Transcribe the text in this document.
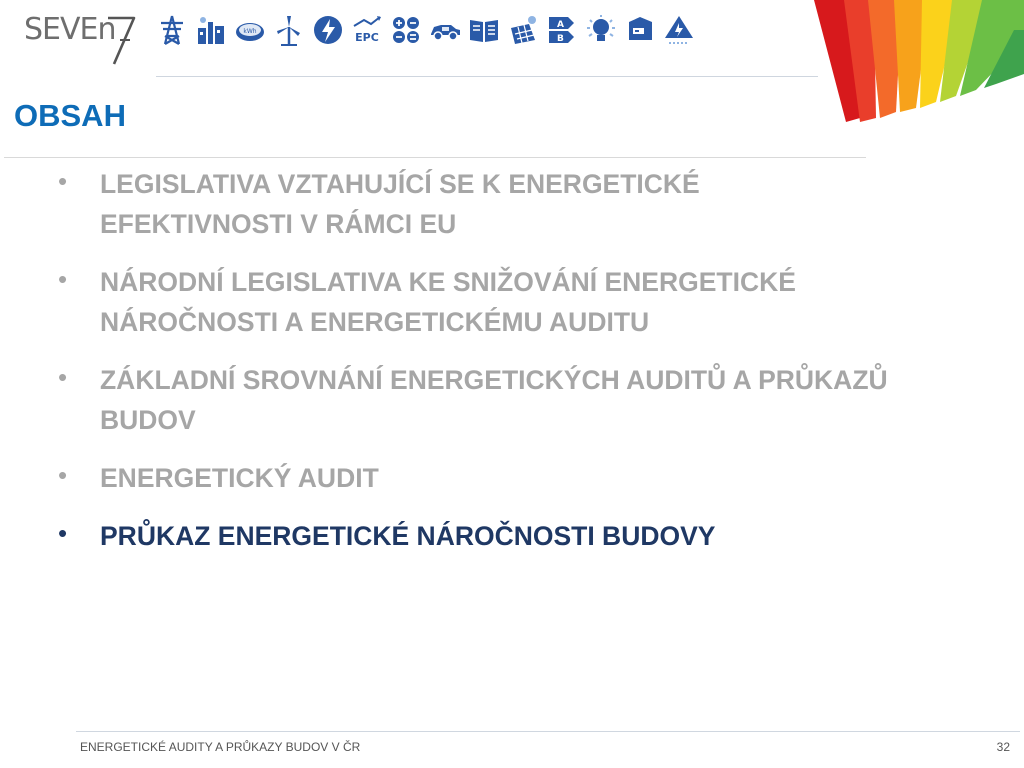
SEVEn	kWh	EPC
A
B
OBSAH
• LEGISLATIVA VZTAHUJÍCÍ SE K ENERGETICKÉ EFEKTIVNOSTI V RÁMCI EU
• NÁRODNÍ LEGISLATIVA KE SNIŽOVÁNÍ ENERGETICKÉ NÁROČNOSTI A ENERGETICKÉMU AUDITU
• ZÁKLADNÍ SROVNÁNÍ ENERGETICKÝCH AUDITŮ A PRŮKAZŮ BUDOV
• ENERGETICKÝ AUDIT
• PRŮKAZ ENERGETICKÉ NÁROČNOSTI BUDOVY
ENERGETICKÉ AUDITY A PRŮKAZY BUDOV V ČR	32
